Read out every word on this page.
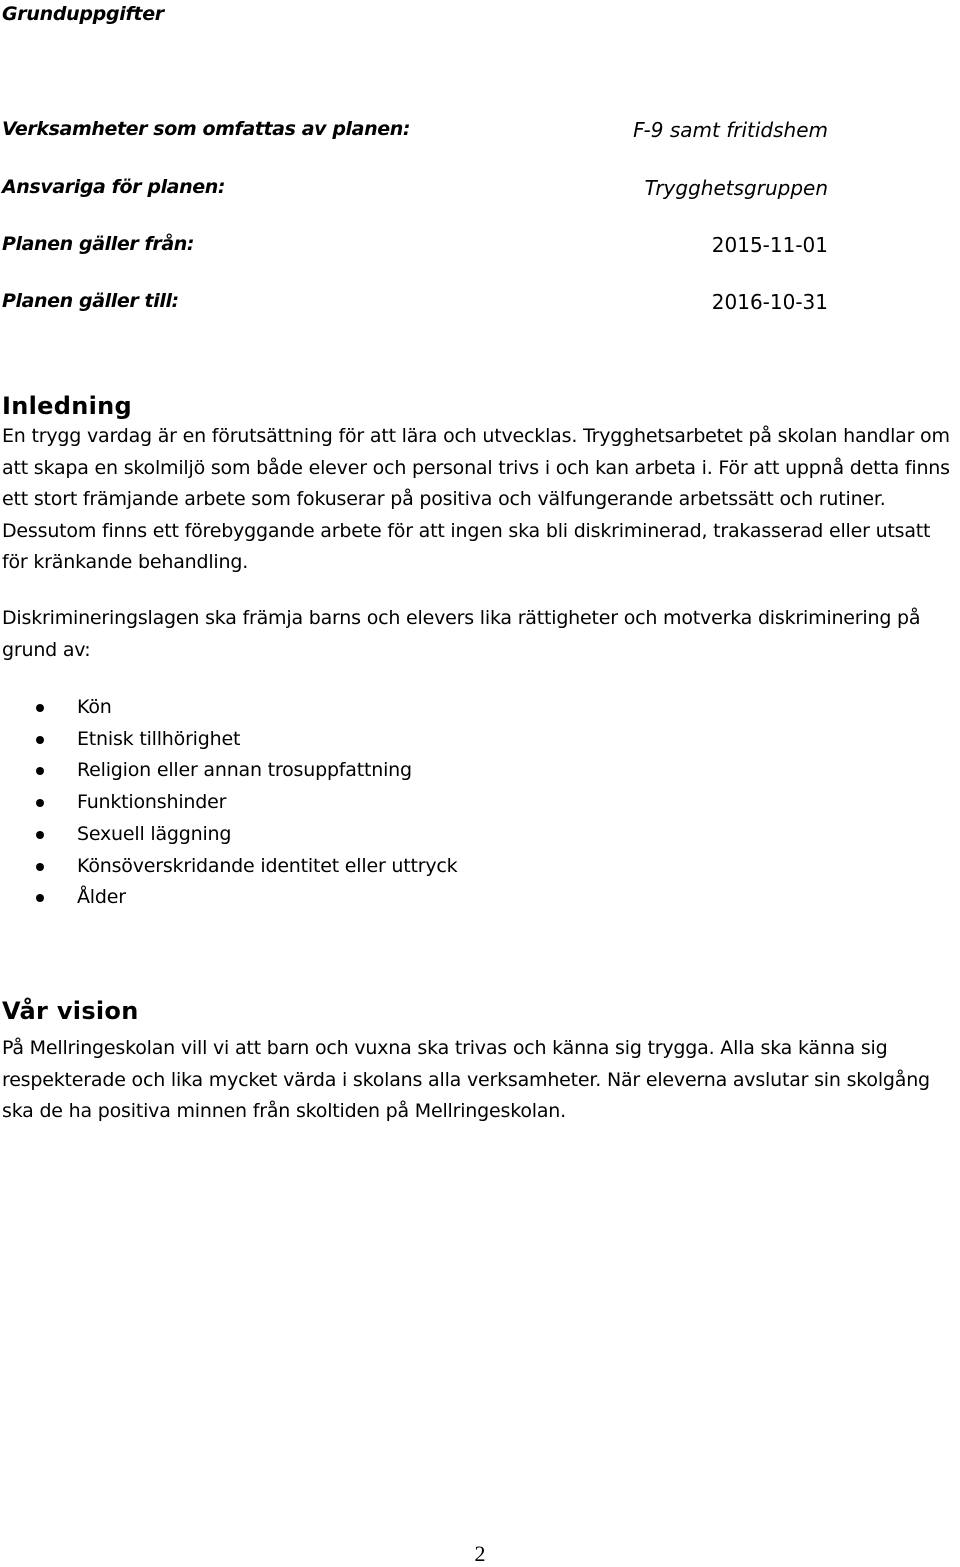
Grunduppgifter
Verksamheter som omfattas av planen:	F-9 samt fritidshem
Ansvariga för planen:	Trygghetsgruppen
Planen gäller från:	2015-11-01
Planen gäller till:	2016-10-31
Inledning
En trygg vardag är en förutsättning för att lära och utvecklas. Trygghetsarbetet på skolan handlar om att skapa en skolmiljö som både elever och personal trivs i och kan arbeta i. För att uppnå detta finns ett stort främjande arbete som fokuserar på positiva och välfungerande arbetssätt och rutiner. Dessutom finns ett förebyggande arbete för att ingen ska bli diskriminerad, trakasserad eller utsatt för kränkande behandling.
Diskrimineringslagen ska främja barns och elevers lika rättigheter och motverka diskriminering på grund av:
Kön
Etnisk tillhörighet
Religion eller annan trosuppfattning
Funktionshinder
Sexuell läggning
Könsöverskridande identitet eller uttryck
Ålder
Vår vision
På Mellringeskolan vill vi att barn och vuxna ska trivas och känna sig trygga. Alla ska känna sig respekterade och lika mycket värda i skolans alla verksamheter. När eleverna avslutar sin skolgång ska de ha positiva minnen från skoltiden på Mellringeskolan.
2
